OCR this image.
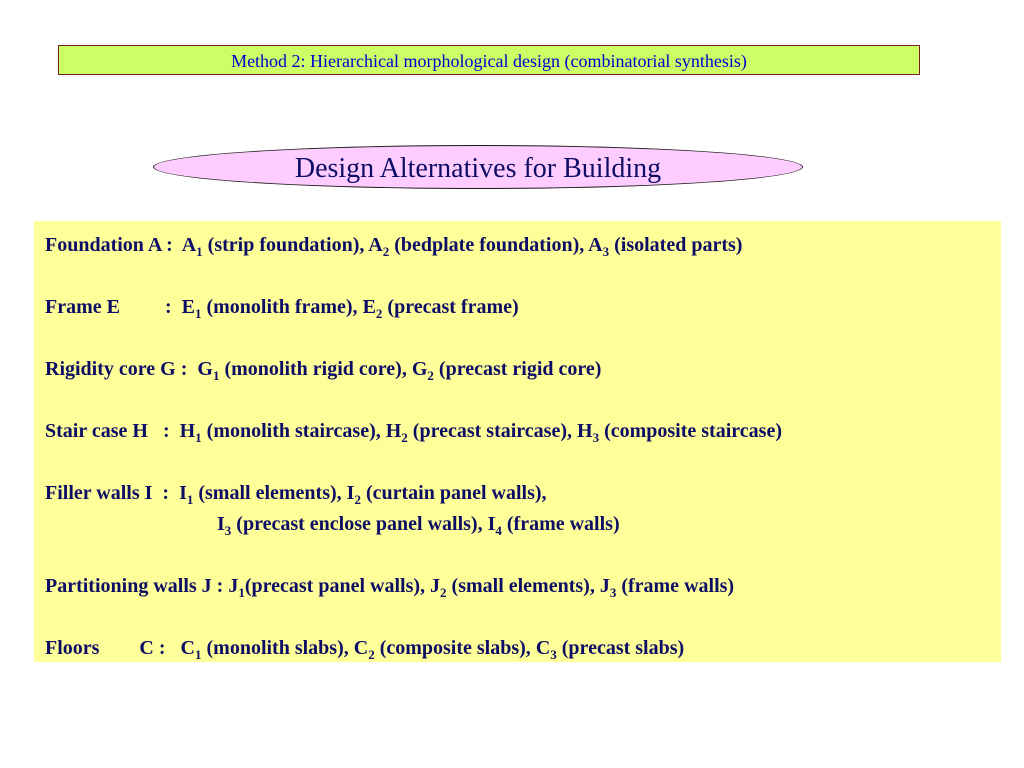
Method 2: Hierarchical morphological design (combinatorial synthesis)
Design Alternatives for Building
Foundation A :  $A_1$ (strip foundation), $A_2$ (bedplate foundation), $A_3$ (isolated parts)
Frame E         :  $E_1$ (monolith frame), $E_2$ (precast frame)
Rigidity core G :  $G_1$ (monolith rigid core), $G_2$ (precast rigid core)
Stair case H   :  $H_1$ (monolith staircase), $H_2$ (precast staircase), $H_3$ (composite staircase)
Filler walls I  :  $I_1$ (small elements), $I_2$ (curtain panel walls),
$I_3$ (precast enclose panel walls), $I_4$ (frame walls)
Partitioning walls J : $J_1(precast$ panel walls), $J_2$ (small elements), $J_3$ (frame walls)
Floors        C :   $C_1$ (monolith slabs), $C_2$ (composite slabs), $C_3$ (precast slabs)
